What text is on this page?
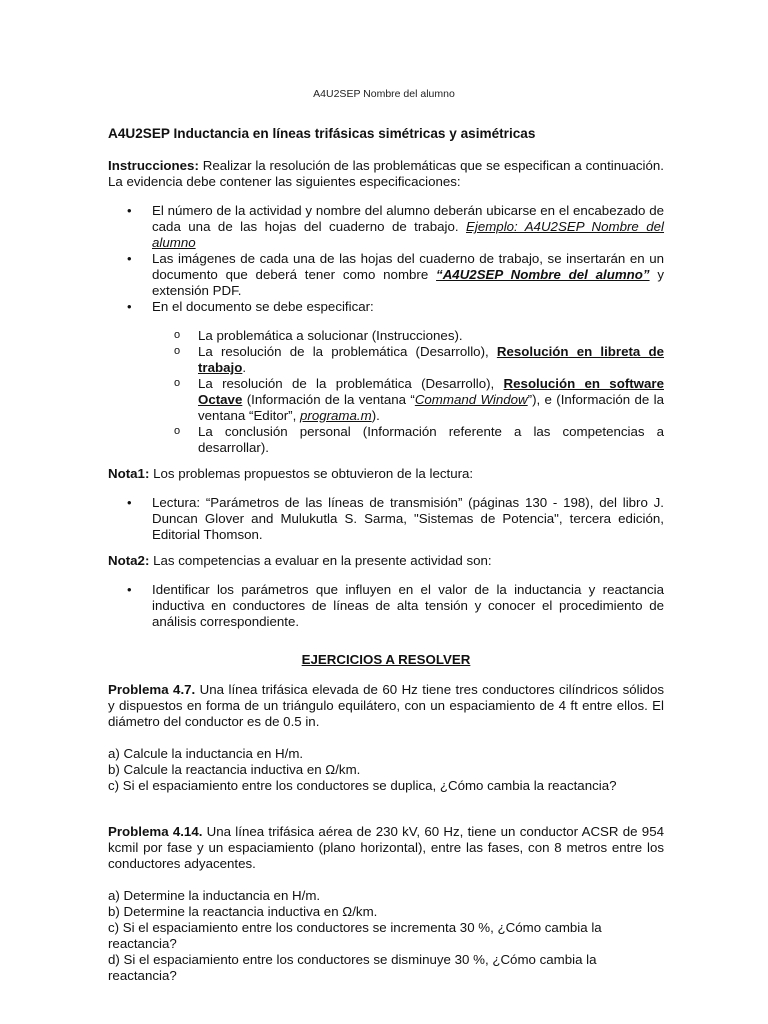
A4U2SEP Nombre del alumno

A4U2SEP Inductancia en líneas trifásicas simétricas y asimétricas

Instrucciones: Realizar la resolución de las problemáticas que se especifican a continuación. La evidencia debe contener las siguientes especificaciones:

• El número de la actividad y nombre del alumno deberán ubicarse en el encabezado de cada una de las hojas del cuaderno de trabajo. Ejemplo: A4U2SEP Nombre del alumno
• Las imágenes de cada una de las hojas del cuaderno de trabajo, se insertarán en un documento que deberá tener como nombre “A4U2SEP Nombre del alumno” y extensión PDF.
• En el documento se debe especificar:
o La problemática a solucionar (Instrucciones).
o La resolución de la problemática (Desarrollo), Resolución en libreta de trabajo.
o La resolución de la problemática (Desarrollo), Resolución en software Octave (Información de la ventana “Command Window”), e (Información de la ventana “Editor”, programa.m).
o La conclusión personal (Información referente a las competencias a desarrollar).

Nota1: Los problemas propuestos se obtuvieron de la lectura:

• Lectura: “Parámetros de las líneas de transmisión” (páginas 130 - 198), del libro J. Duncan Glover and Mulukutla S. Sarma, "Sistemas de Potencia", tercera edición, Editorial Thomson.

Nota2: Las competencias a evaluar en la presente actividad son:

• Identificar los parámetros que influyen en el valor de la inductancia y reactancia inductiva en conductores de líneas de alta tensión y conocer el procedimiento de análisis correspondiente.

EJERCICIOS A RESOLVER

Problema 4.7. Una línea trifásica elevada de 60 Hz tiene tres conductores cilíndricos sólidos y dispuestos en forma de un triángulo equilátero, con un espaciamiento de 4 ft entre ellos. El diámetro del conductor es de 0.5 in.

a) Calcule la inductancia en H/m.

b) Calcule la reactancia inductiva en Ω/km.

c) Si el espaciamiento entre los conductores se duplica, ¿Cómo cambia la reactancia?

Problema 4.14. Una línea trifásica aérea de 230 kV, 60 Hz, tiene un conductor ACSR de 954 kcmil por fase y un espaciamiento (plano horizontal), entre las fases, con 8 metros entre los conductores adyacentes.

a) Determine la inductancia en H/m.

b) Determine la reactancia inductiva en Ω/km.

c) Si el espaciamiento entre los conductores se incrementa 30 %, ¿Cómo cambia la reactancia?

d) Si el espaciamiento entre los conductores se disminuye 30 %, ¿Cómo cambia la reactancia?
